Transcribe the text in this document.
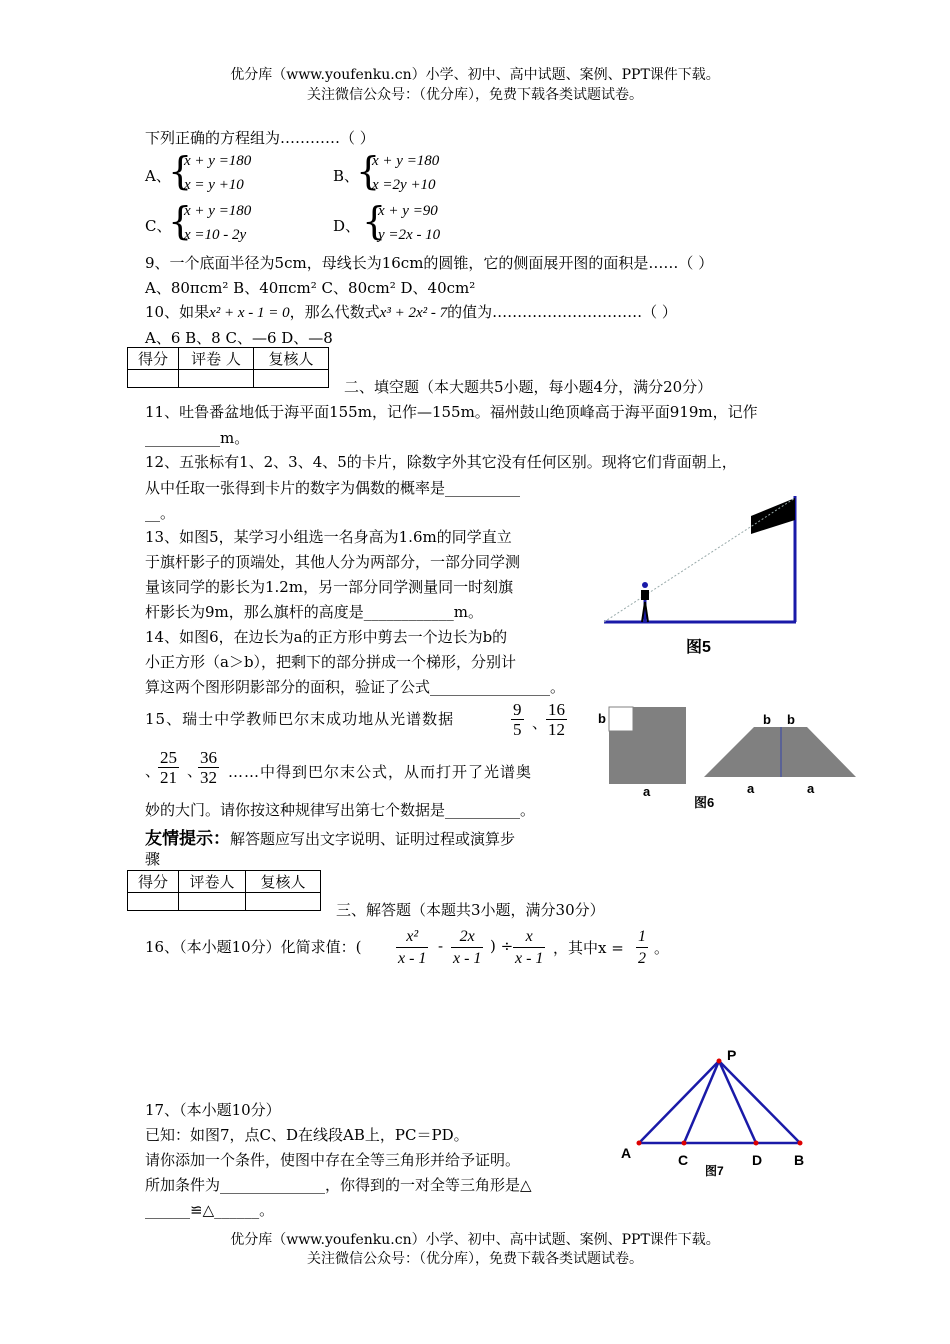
优分库（www.youfenku.cn）小学、初中、高中试题、案例、PPT课件下载。
关注微信公众号：（优分库），免费下载各类试题试卷。
下列正确的方程组为…………（ ）
A、
{
x + y =180
x = y +10	B、
{
x + y =180
x =2y +10
C、
{
x + y =180
x =10 - 2y	D、 {
x + y =90
y =2x - 10
9、一个底面半径为5cm，母线长为16cm的圆锥，它的侧面展开图的面积是……（ ）
A、80πcm² B、40πcm² C、80cm² D、40cm²
10、如果x² + x - 1 = 0，那么代数式x³ + 2x² - 7的值为…………………………（ ）
A、6 B、8 C、—6 D、—8
得分	评卷 人	复核人

二、填空题（本大题共5小题，每小题4分，满分20分）
11、吐鲁番盆地低于海平面155m，记作—155m。福州鼓山绝顶峰高于海平面919m，记作
__________m。
12、五张标有1、2、3、4、5的卡片，除数字外其它没有任何区别。现将它们背面朝上，
从中任取一张得到卡片的数字为偶数的概率是__________
__。
13、如图5，某学习小组选一名身高为1.6m的同学直立
于旗杆影子的顶端处，其他人分为两部分，一部分同学测
量该同学的影长为1.2m，另一部分同学测量同一时刻旗
杆影长为9m，那么旗杆的高度是____________m。
14、如图6，在边长为a的正方形中剪去一个边长为b的
小正方形（a＞b），把剩下的部分拼成一个梯形，分别计
算这两个图形阴影部分的面积，验证了公式________________。
15、瑞士中学教师巴尔末成功地从光谱数据	$\frac{9}{5}$ 、
$\frac{16}{12}$
、
$\frac{25}{21}$ 、
$\frac{36}{32}$ ……中得到巴尔末公式，从而打开了光谱奥
妙的大门。请你按这种规律写出第七个数据是__________。
友情提示：解答题应写出文字说明、证明过程或演算步
骤
得分	评卷人	复核人

三、解答题（本题共3小题，满分30分）
16、（本小题10分）化简求值：( $\frac{\text{x²}}{x - 1} - \frac{2x}{x - 1}$ ) ÷ $\frac{x}{x - 1}$ ，其中$x = \frac{1}{2}$ 。
17、（本小题10分）
已知：如图7，点C、D在线段AB上，PC＝PD。
请你添加一个条件，使图中存在全等三角形并给予证明。
所加条件为______________，你得到的一对全等三角形是△
______≌△______。
图5
b
a
b b
a	a
图6
P
A	C	D B
图7
优分库（www.youfenku.cn）小学、初中、高中试题、案例、PPT课件下载。
关注微信公众号：（优分库），免费下载各类试题试卷。
